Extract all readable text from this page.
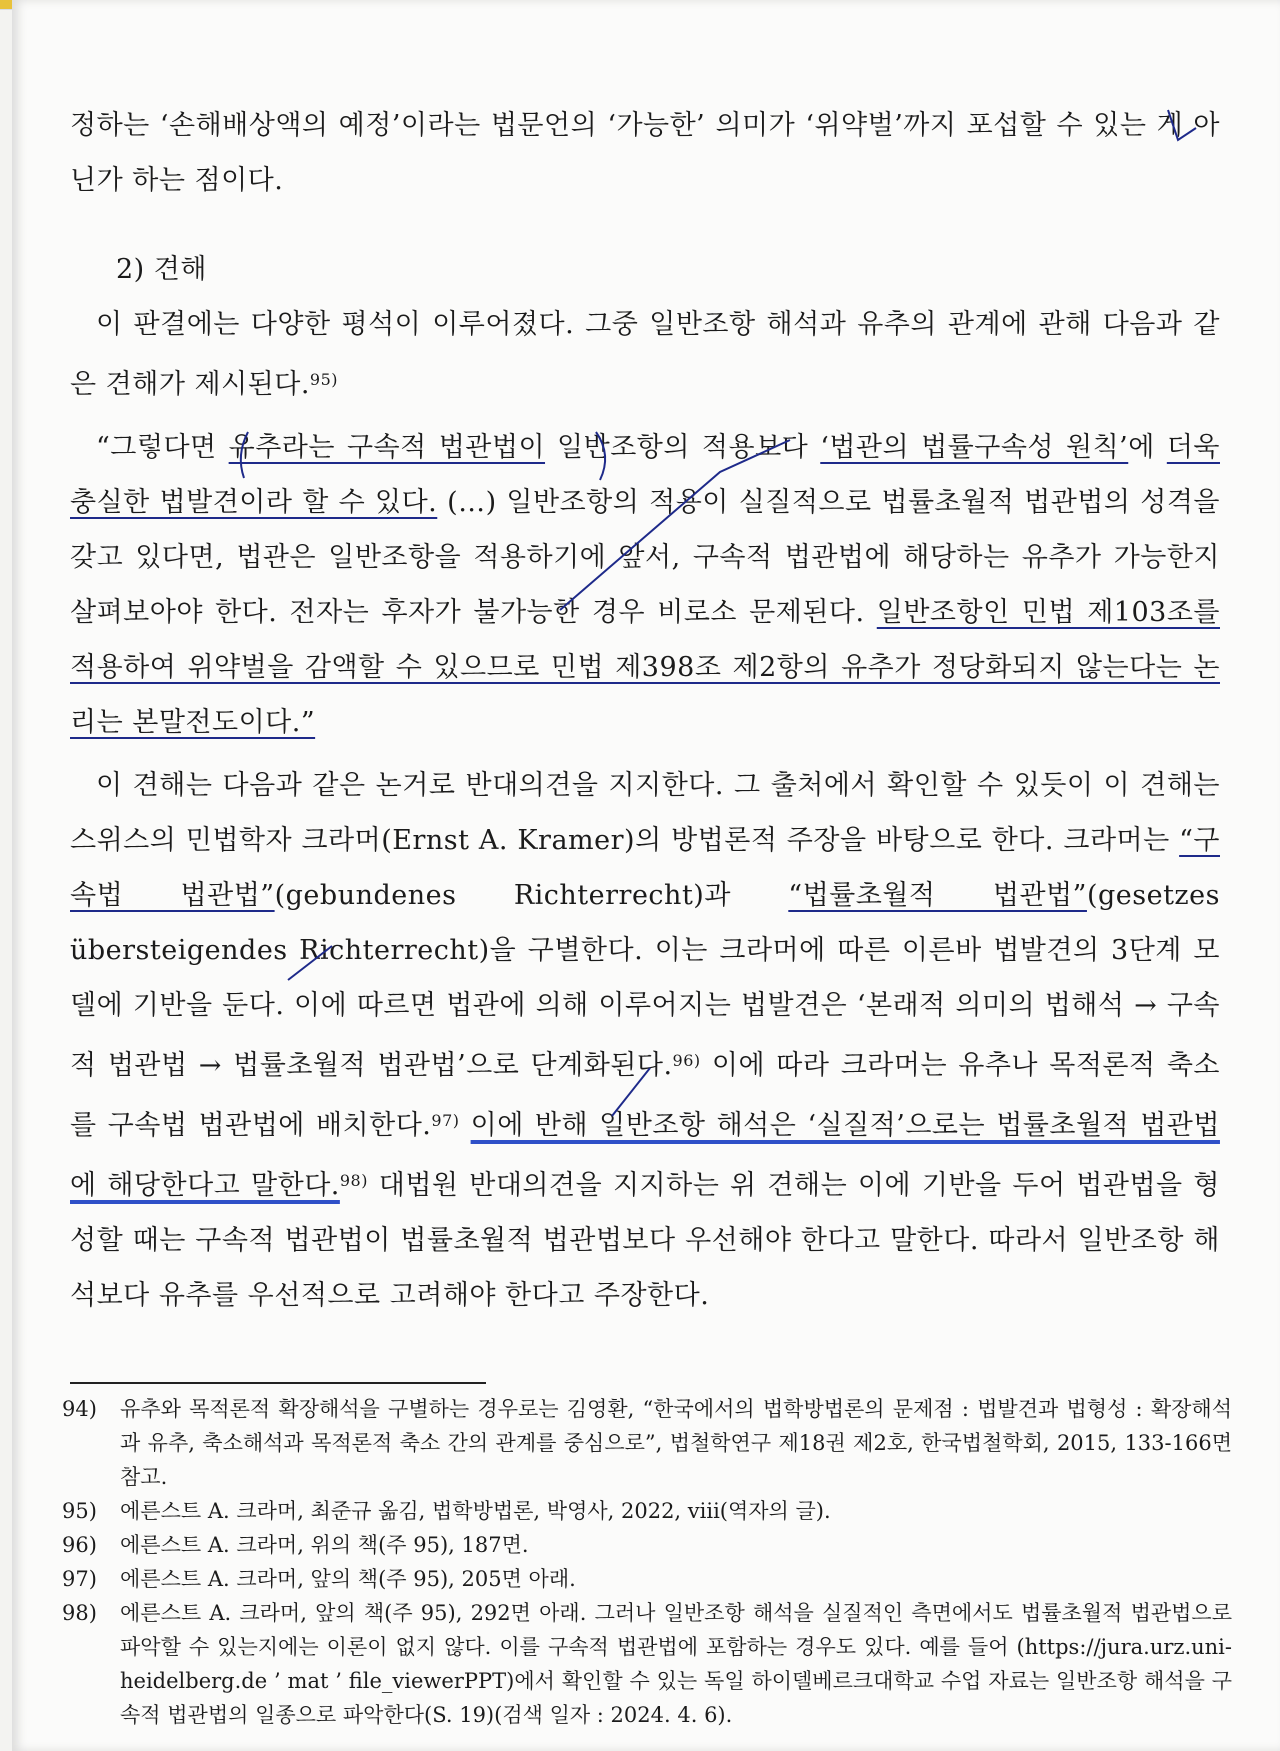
정하는 ‘손해배상액의 예정’이라는 법문언의 ‘가능한’ 의미가 ‘위약벌’까지 포섭할 수 있는 게 아닌가 하는 점이다.

2) 견해

이 판결에는 다양한 평석이 이루어졌다. 그중 일반조항 해석과 유추의 관계에 관해 다음과 같은 견해가 제시된다.$^{95)}$

“그렇다면 유추라는 구속적 법관법이 일반조항의 적용보다 ‘법관의 법률구속성 원칙’에 더욱 충실한 법발견이라 할 수 있다. (…) 일반조항의 적용이 실질적으로 법률초월적 법관법의 성격을 갖고 있다면, 법관은 일반조항을 적용하기에 앞서, 구속적 법관법에 해당하는 유추가 가능한지 살펴보아야 한다. 전자는 후자가 불가능한 경우 비로소 문제된다. 일반조항인 민법 제103조를 적용하여 위약벌을 감액할 수 있으므로 민법 제398조 제2항의 유추가 정당화되지 않는다는 논리는 본말전도이다.”

이 견해는 다음과 같은 논거로 반대의견을 지지한다. 그 출처에서 확인할 수 있듯이 이 견해는 스위스의 민법학자 크라머(Ernst A. Kramer)의 방법론적 주장을 바탕으로 한다. 크라머는 “구속법 법관법”(gebundenes Richterrecht)과 “법률초월적 법관법”(gesetzes übersteigendes Richterrecht)을 구별한다. 이는 크라머에 따른 이른바 법발견의 3단계 모델에 기반을 둔다. 이에 따르면 법관에 의해 이루어지는 법발견은 ‘본래적 의미의 법해석 → 구속적 법관법 → 법률초월적 법관법’으로 단계화된다.$^{96)}$ 이에 따라 크라머는 유추나 목적론적 축소를 구속법 법관법에 배치한다.$^{97)}$ 이에 반해 일반조항 해석은 ‘실질적’으로는 법률초월적 법관법에 해당한다고 말한다.$^{98)}$ 대법원 반대의견을 지지하는 위 견해는 이에 기반을 두어 법관법을 형성할 때는 구속적 법관법이 법률초월적 법관법보다 우선해야 한다고 말한다. 따라서 일반조항 해석보다 유추를 우선적으로 고려해야 한다고 주장한다.

94)	유추와 목적론적 확장해석을 구별하는 경우로는 김영환, “한국에서의 법학방법론의 문제점 : 법발견과 법형성 : 확장해석과 유추, 축소해석과 목적론적 축소 간의 관계를 중심으로”, 법철학연구 제18권 제2호, 한국법철학회, 2015, 133-166면 참고.

95)	에른스트 A. 크라머, 최준규 옮김, 법학방법론, 박영사, 2022, viii(역자의 글).

96)	에른스트 A. 크라머, 위의 책(주 95), 187면.

97)	에른스트 A. 크라머, 앞의 책(주 95), 205면 아래.

98)	에른스트 A. 크라머, 앞의 책(주 95), 292면 아래. 그러나 일반조항 해석을 실질적인 측면에서도 법률초월적 법관법으로 파악할 수 있는지에는 이론이 없지 않다. 이를 구속적 법관법에 포함하는 경우도 있다. 예를 들어 (https://jura.urz.uni-heidelberg.de ’ mat ’ file_viewerPPT)에서 확인할 수 있는 독일 하이델베르크대학교 수업 자료는 일반조항 해석을 구속적 법관법의 일종으로 파악한다(S. 19)(검색 일자 : 2024. 4. 6).
